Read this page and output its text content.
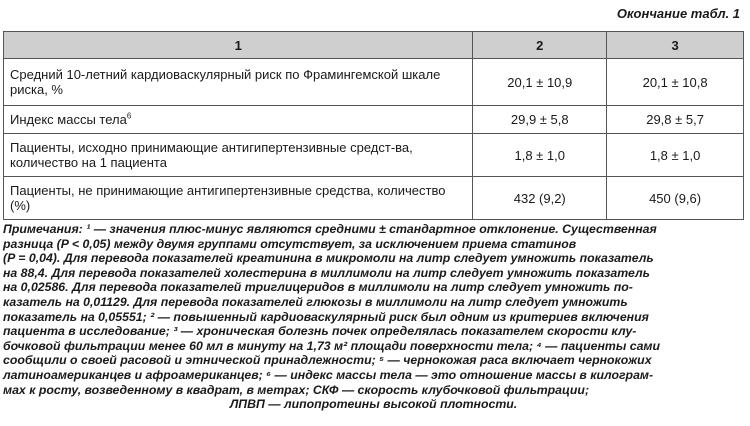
Окончание табл. 1
1	2	3
Средний 10-летний кардиоваскулярный риск по Фрамингемской шкале риска, %	20,1 ± 10,9	20,1 ± 10,8
Индекс массы тела$^6$	29,9 ± 5,8	29,8 ± 5,7
Пациенты, исходно принимающие антигипертензивные средст-ва, количество на 1 пациента	1,8 ± 1,0	1,8 ± 1,0
Пациенты, не принимающие антигипертензивные средства, количество (%)	432 (9,2)	450 (9,6)
Примечания: ¹ — значения плюс-минус являются средними ± стандартное отклонение. Существенная
разница (P < 0,05) между двумя группами отсутствует, за исключением приема статинов
(P = 0,04). Для перевода показателей креатинина в микромоли на литр следует умножить показатель
на 88,4. Для перевода показателей холестерина в миллимоли на литр следует умножить показатель
на 0,02586. Для перевода показателей триглицеридов в миллимоли на литр следует умножить по-
казатель на 0,01129. Для перевода показателей глюкозы в миллимоли на литр следует умножить
показатель на 0,05551; ² — повышенный кардиоваскулярный риск был одним из критериев включения
пациента в исследование; ³ — хроническая болезнь почек определялась показателем скорости клу-
бочковой фильтрации менее 60 мл в минуту на 1,73 м² площади поверхности тела; ⁴ — пациенты сами
сообщили о своей расовой и этнической принадлежности; ⁵ — чернокожая раса включает чернокожих
латиноамериканцев и афроамериканцев; ⁶ — индекс массы тела — это отношение массы в килограм-
мах к росту, возведенному в квадрат, в метрах; СКФ — скорость клубочковой фильтрации;
ЛПВП — липопротеины высокой плотности.
